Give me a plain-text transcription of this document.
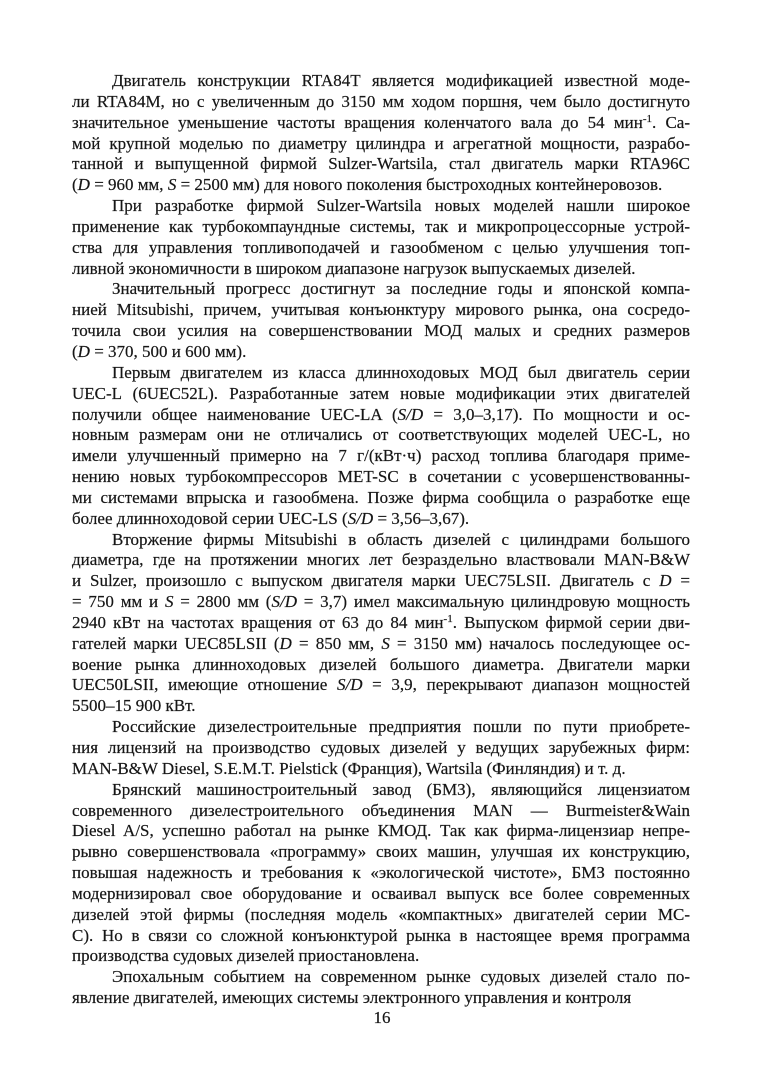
Двигатель конструкции RTA84T является модификацией известной моде-
ли RTA84M, но с увеличенным до 3150 мм ходом поршня, чем было достигнуто
значительное уменьшение частоты вращения коленчатого вала до 54 мин$^{-1}$. Са-
мой крупной моделью по диаметру цилиндра и агрегатной мощности, разрабо-
танной и выпущенной фирмой Sulzer-Wartsila, стал двигатель марки RTA96C
(D = 960 мм, S = 2500 мм) для нового поколения быстроходных контейнеровозов.
При разработке фирмой Sulzer-Wartsila новых моделей нашли широкое
применение как турбокомпаундные системы, так и микропроцессорные устрой-
ства для управления топливоподачей и газообменом с целью улучшения топ-
ливной экономичности в широком диапазоне нагрузок выпускаемых дизелей.
Значительный прогресс достигнут за последние годы и японской компа-
нией Mitsubishi, причем, учитывая конъюнктуру мирового рынка, она сосредо-
точила свои усилия на совершенствовании МОД малых и средних размеров
(D = 370, 500 и 600 мм).
Первым двигателем из класса длинноходовых МОД был двигатель серии
UEC-L (6UEC52L). Разработанные затем новые модификации этих двигателей
получили общее наименование UEC-LA (S/D = 3,0–3,17). По мощности и ос-
новным размерам они не отличались от соответствующих моделей UEC-L, но
имели улучшенный примерно на 7 г/(кВт·ч) расход топлива благодаря приме-
нению новых турбокомпрессоров MET-SC в сочетании с усовершенствованны-
ми системами впрыска и газообмена. Позже фирма сообщила о разработке еще
более длинноходовой серии UEC-LS (S/D = 3,56–3,67).
Вторжение фирмы Mitsubishi в область дизелей с цилиндрами большого
диаметра, где на протяжении многих лет безраздельно властвовали MAN-B&W
и Sulzer, произошло с выпуском двигателя марки UEC75LSII. Двигатель с D =
= 750 мм и S = 2800 мм (S/D = 3,7) имел максимальную цилиндровую мощность
2940 кВт на частотах вращения от 63 до 84 мин$^{-1}$. Выпуском фирмой серии дви-
гателей марки UEC85LSII (D = 850 мм, S = 3150 мм) началось последующее ос-
воение рынка длинноходовых дизелей большого диаметра. Двигатели марки
UEC50LSII, имеющие отношение S/D = 3,9, перекрывают диапазон мощностей
5500–15 900 кВт.
Российские дизелестроительные предприятия пошли по пути приобрете-
ния лицензий на производство судовых дизелей у ведущих зарубежных фирм:
MAN-B&W Diesel, S.E.M.T. Pielstick (Франция), Wartsila (Финляндия) и т. д.
Брянский машиностроительный завод (БМЗ), являющийся лицензиатом
современного дизелестроительного объединения MAN — Burmeister&Wain
Diesel A/S, успешно работал на рынке КМОД. Так как фирма-лицензиар непре-
рывно совершенствовала «программу» своих машин, улучшая их конструкцию,
повышая надежность и требования к «экологической чистоте», БМЗ постоянно
модернизировал свое оборудование и осваивал выпуск все более современных
дизелей этой фирмы (последняя модель «компактных» двигателей серии MC-
C). Но в связи со сложной конъюнктурой рынка в настоящее время программа
производства судовых дизелей приостановлена.
Эпохальным событием на современном рынке судовых дизелей стало по-
явление двигателей, имеющих системы электронного управления и контроля
16
